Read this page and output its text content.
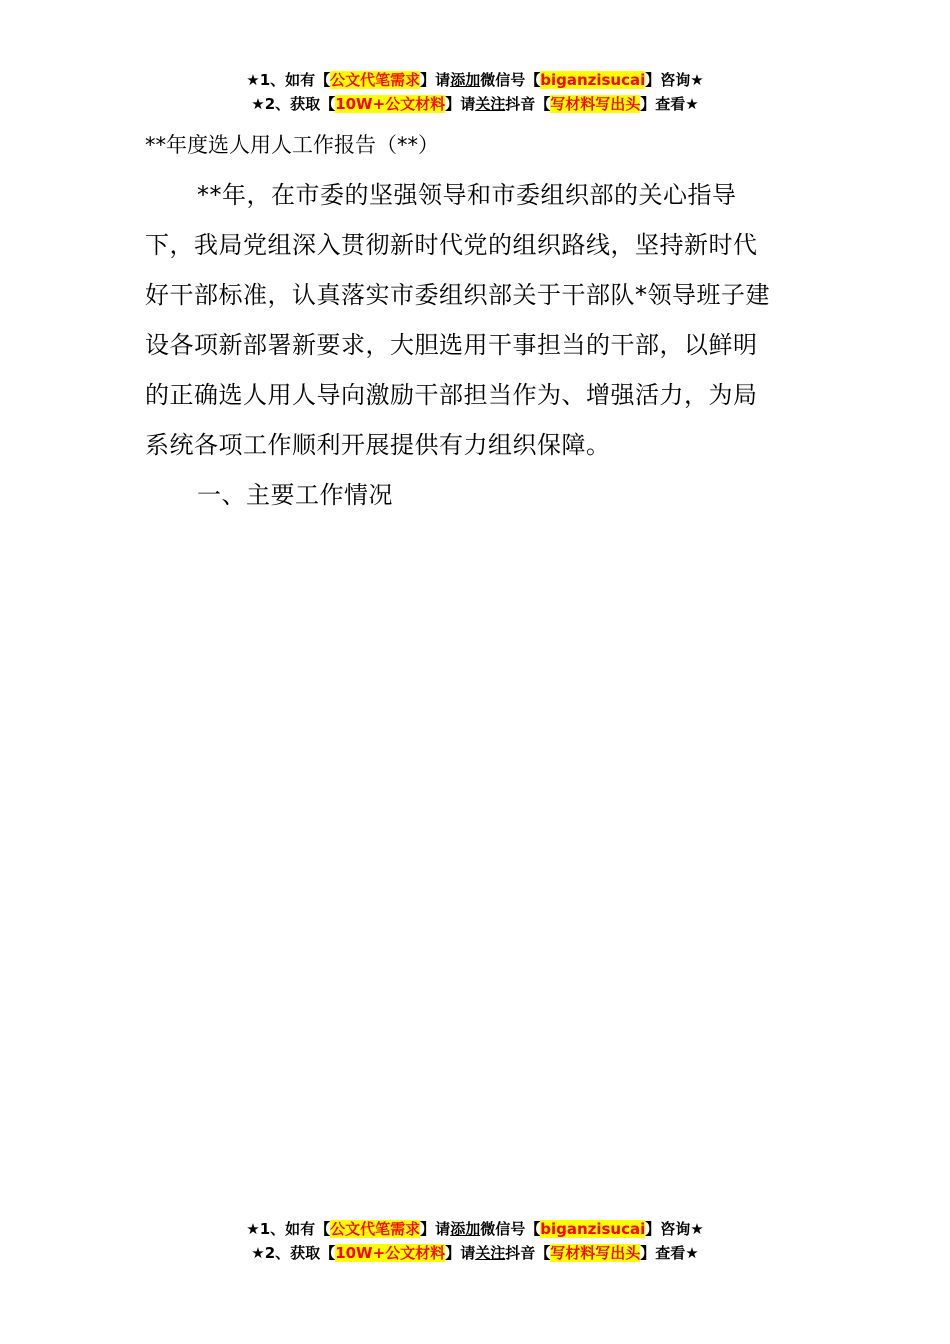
★1、如有【公文代笔需求】请添加微信号【biganzisucai】咨询★
★2、获取【10W+公文材料】请关注抖音【写材料写出头】查看★
**年度选人用人工作报告（**）
**年，在市委的坚强领导和市委组织部的关心指导
下，我局党组深入贯彻新时代党的组织路线，坚持新时代
好干部标准，认真落实市委组织部关于干部队*领导班子建
设各项新部署新要求，大胆选用干事担当的干部，以鲜明
的正确选人用人导向激励干部担当作为、增强活力，为局
系统各项工作顺利开展提供有力组织保障。
一、主要工作情况
★1、如有【公文代笔需求】请添加微信号【biganzisucai】咨询★
★2、获取【10W+公文材料】请关注抖音【写材料写出头】查看★
